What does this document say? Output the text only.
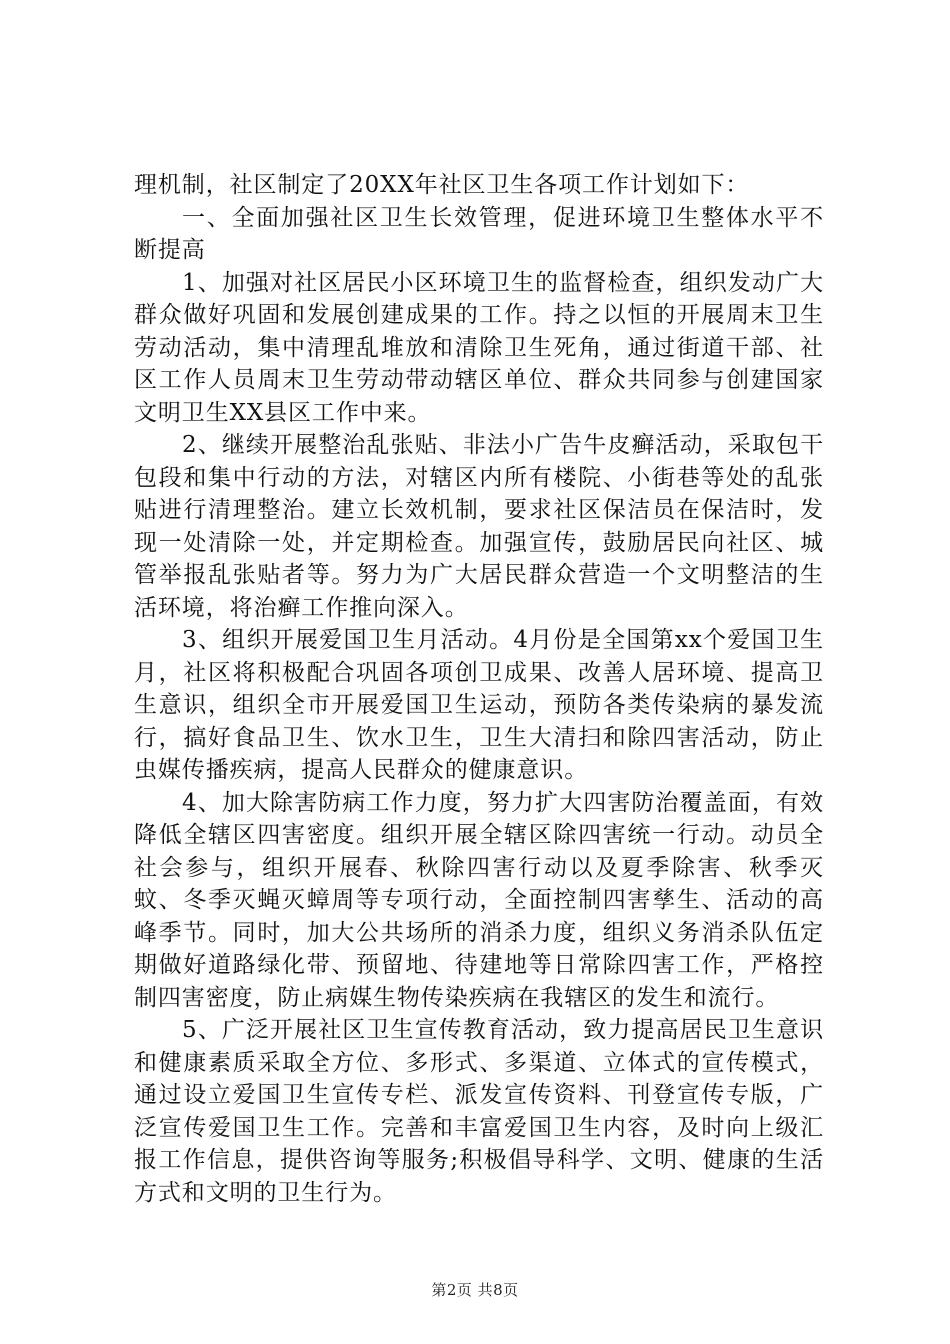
理机制，社区制定了20XX年社区卫生各项工作计划如下：

一、全面加强社区卫生长效管理，促进环境卫生整体水平不断提高

1、加强对社区居民小区环境卫生的监督检查，组织发动广大群众做好巩固和发展创建成果的工作。持之以恒的开展周末卫生劳动活动，集中清理乱堆放和清除卫生死角，通过街道干部、社区工作人员周末卫生劳动带动辖区单位、群众共同参与创建国家文明卫生XX县区工作中来。

2、继续开展整治乱张贴、非法小广告牛皮癣活动，采取包干包段和集中行动的方法，对辖区内所有楼院、小街巷等处的乱张贴进行清理整治。建立长效机制，要求社区保洁员在保洁时，发现一处清除一处，并定期检查。加强宣传，鼓励居民向社区、城管举报乱张贴者等。努力为广大居民群众营造一个文明整洁的生活环境，将治癣工作推向深入。

3、组织开展爱国卫生月活动。4月份是全国第xx个爱国卫生月，社区将积极配合巩固各项创卫成果、改善人居环境、提高卫生意识，组织全市开展爱国卫生运动，预防各类传染病的暴发流行，搞好食品卫生、饮水卫生，卫生大清扫和除四害活动，防止虫媒传播疾病，提高人民群众的健康意识。

4、加大除害防病工作力度，努力扩大四害防治覆盖面，有效降低全辖区四害密度。组织开展全辖区除四害统一行动。动员全社会参与，组织开展春、秋除四害行动以及夏季除害、秋季灭蚊、冬季灭蝇灭蟑周等专项行动，全面控制四害孳生、活动的高峰季节。同时，加大公共场所的消杀力度，组织义务消杀队伍定期做好道路绿化带、预留地、待建地等日常除四害工作，严格控制四害密度，防止病媒生物传染疾病在我辖区的发生和流行。

5、广泛开展社区卫生宣传教育活动，致力提高居民卫生意识和健康素质采取全方位、多形式、多渠道、立体式的宣传模式，通过设立爱国卫生宣传专栏、派发宣传资料、刊登宣传专版，广泛宣传爱国卫生工作。完善和丰富爱国卫生内容，及时向上级汇报工作信息，提供咨询等服务;积极倡导科学、文明、健康的生活方式和文明的卫生行为。

第2页 共8页
